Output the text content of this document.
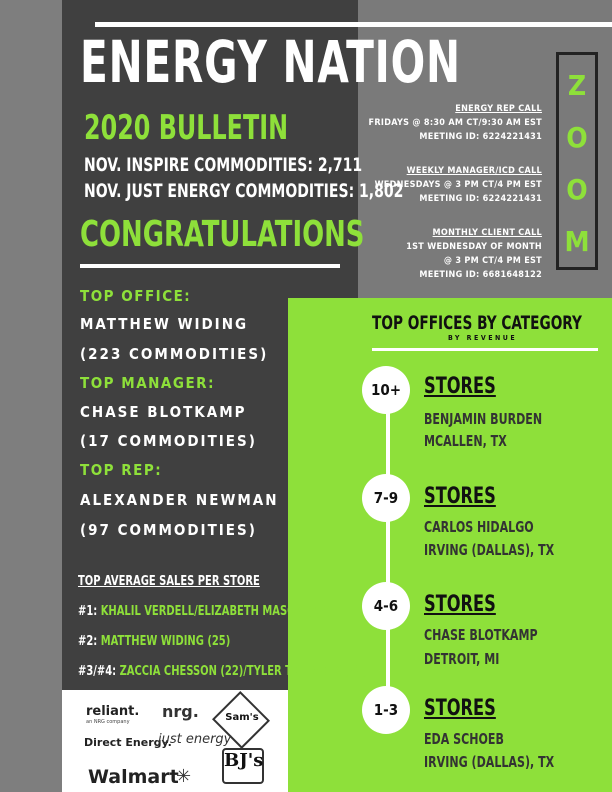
ENERGY NATION
2020 BULLETIN
NOV. INSPIRE COMMODITIES: 2,711
NOV. JUST ENERGY COMMODITIES: 1,802
CONGRATULATIONS
TOP OFFICE:
MATTHEW WIDING
(223 COMMODITIES)
TOP MANAGER:
CHASE BLOTKAMP
(17 COMMODITIES)
TOP REP:
ALEXANDER NEWMAN
(97 COMMODITIES)
TOP AVERAGE SALES PER STORE
#1: KHALIL VERDELL/ELIZABETH MASON (45)
#2: MATTHEW WIDING (25)
#3/#4: ZACCIA CHESSON (22)/TYLER TICHACEK (22)
ENERGY REP CALL
FRIDAYS @ 8:30 AM CT/9:30 AM EST
MEETING ID: 6224221431
WEEKLY MANAGER/ICD CALL
WEDNESDAYS @ 3 PM CT/4 PM EST
MEETING ID: 6224221431
MONTHLY CLIENT CALL
1ST WEDNESDAY OF MONTH
@ 3 PM CT/4 PM EST
MEETING ID: 6681648122
Z
O
O
M
TOP OFFICES BY CATEGORY
BY REVENUE
10+	STORES
BENJAMIN BURDEN
MCALLEN, TX
7-9	STORES
CARLOS HIDALGO
IRVING (DALLAS), TX
4-6	STORES
CHASE BLOTKAMP
DETROIT, MI
1-3	STORES
EDA SCHOEB
IRVING (DALLAS), TX
reliant.
an NRG company
nrg.	Sam's
Direct Energy.
just energy
Walmart
✳
BJ's
